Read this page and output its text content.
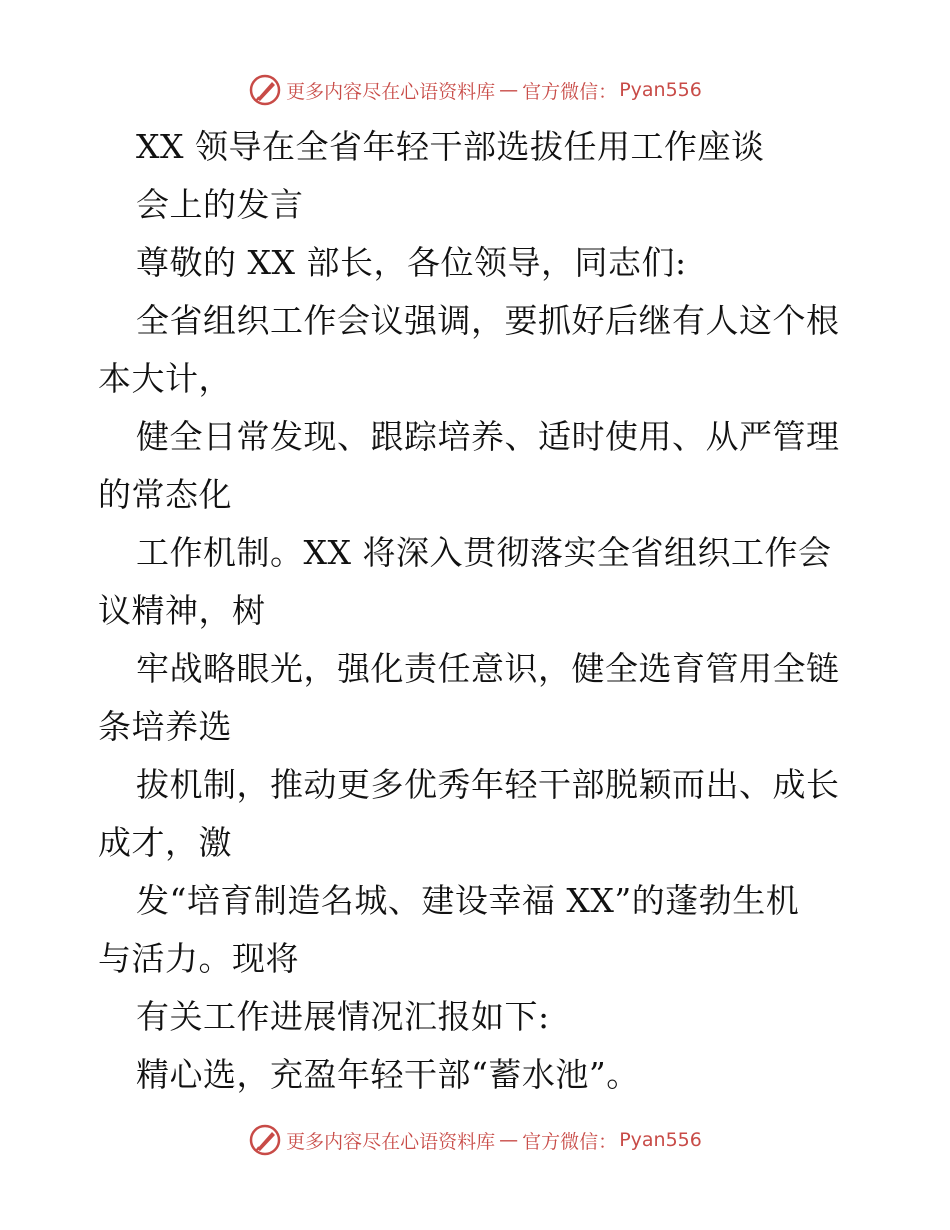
更多内容尽在心语资料库 — 官方微信： Pyan556
XX 领导在全省年轻干部选拔任用工作座谈
会上的发言
尊敬的 XX 部长，各位领导，同志们:
全省组织工作会议强调，要抓好后继有人这个根
本大计，
健全日常发现、跟踪培养、适时使用、从严管理
的常态化
工作机制。XX 将深入贯彻落实全省组织工作会
议精神，树
牢战略眼光，强化责任意识，健全选育管用全链
条培养选
拔机制，推动更多优秀年轻干部脱颖而出、成长
成才，激
发“培育制造名城、建设幸福 XX”的蓬勃生机
与活力。现将
有关工作进展情况汇报如下:
精心选，充盈年轻干部“蓄水池”。
更多内容尽在心语资料库 — 官方微信： Pyan556
